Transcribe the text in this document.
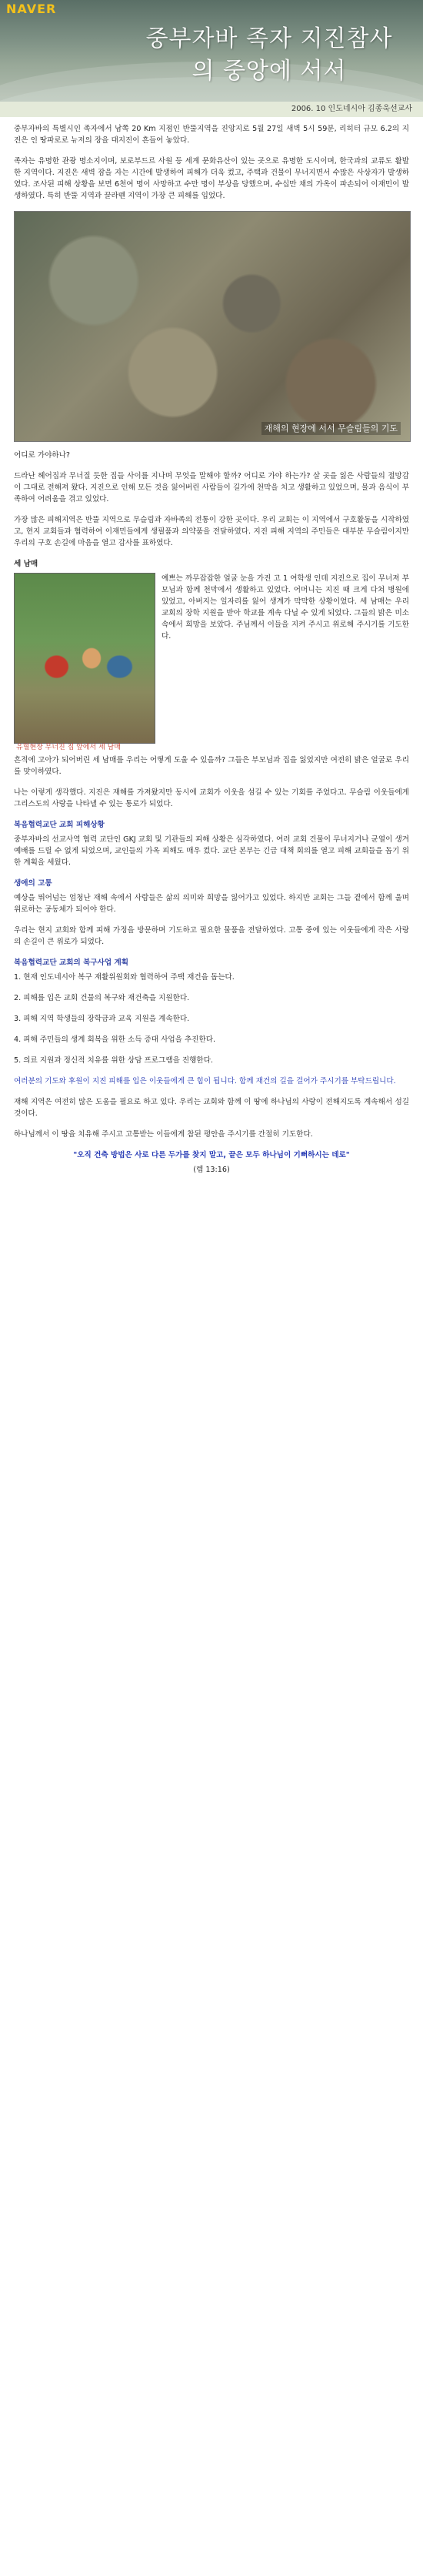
NAVER
중부자바 족자 지진참사의 중앙에 서서
2006. 10 인도네시아 김종욱선교사

중부자바의 특별시인 족자에서 남쪽 20 Km 지점인 반뚤지역을 진앙지로 5월 27일 새벽 5시 59분, 리히터 규모 6.2의 지진은 인 땅파로로 뉴저의 장을 대지진이 흔들어 놓았다.

족자는 유명한 관광 명소지이며, 보로부드르 사원 등 세계 문화유산이 있는 곳으로 유명한 도시이며, 한국과의 교류도 활발한 지역이다. 지진은 새벽 잠을 자는 시간에 발생하여 피해가 더욱 컸고, 주택과 건물이 무너지면서 수많은 사상자가 발생하였다. 조사된 피해 상황을 보면 6천여 명이 사망하고 수만 명이 부상을 당했으며, 수십만 채의 가옥이 파손되어 이재민이 발생하였다. 특히 반뚤 지역과 끌라뗀 지역이 가장 큰 피해를 입었다.

재해의 현장에 서서 무슬림들의 기도
어디로 가야하나?

드라난 헤어집과 무너질 듯한 집들 사이를 지나며 무엇을 말해야 할까? 어디로 가야 하는가? 살 곳을 잃은 사람들의 절망감이 그대로 전해져 왔다. 지진으로 인해 모든 것을 잃어버린 사람들이 길가에 천막을 치고 생활하고 있었으며, 물과 음식이 부족하여 어려움을 겪고 있었다.

가장 많은 피해지역은 반뚤 지역으로 무슬림과 자바족의 전통이 강한 곳이다. 우리 교회는 이 지역에서 구호활동을 시작하였고, 현지 교회들과 협력하여 이재민들에게 생필품과 의약품을 전달하였다. 지진 피해 지역의 주민들은 대부분 무슬림이지만 우리의 구호 손길에 마음을 열고 감사를 표하였다.

세 남매
유혈현장 무너진 집 앞에서 세 남매
예쁘는 까무잡잡한 얼굴 눈을 가진 고 1 여학생 인데 지진으로 집이 무너져 부모님과 함께 천막에서 생활하고 있었다. 어머니는 지진 때 크게 다쳐 병원에 있었고, 아버지는 일자리를 잃어 생계가 막막한 상황이었다. 세 남매는 우리 교회의 장학 지원을 받아 학교를 계속 다닐 수 있게 되었다. 그들의 밝은 미소 속에서 희망을 보았다. 주님께서 이들을 지켜 주시고 위로해 주시기를 기도한다.

흔적에 고아가 되어버린 세 남매를 우리는 어떻게 도울 수 있을까? 그들은 부모님과 집을 잃었지만 여전히 밝은 얼굴로 우리를 맞이하였다.

나는 이렇게 생각했다. 지진은 재해를 가져왔지만 동시에 교회가 이웃을 섬길 수 있는 기회를 주었다고. 무슬림 이웃들에게 그리스도의 사랑을 나타낼 수 있는 통로가 되었다.

복음협력교단 교회 피해상황

중부자바의 선교사역 협력 교단인 GKJ 교회 및 기관들의 피해 상황은 심각하였다. 여러 교회 건물이 무너지거나 균열이 생겨 예배를 드릴 수 없게 되었으며, 교인들의 가옥 피해도 매우 컸다. 교단 본부는 긴급 대책 회의를 열고 피해 교회들을 돕기 위한 계획을 세웠다.

생애의 고통

예상을 뛰어넘는 엄청난 재해 속에서 사람들은 삶의 의미와 희망을 잃어가고 있었다. 하지만 교회는 그들 곁에서 함께 울며 위로하는 공동체가 되어야 한다.

우리는 현지 교회와 함께 피해 가정을 방문하며 기도하고 필요한 물품을 전달하였다. 고통 중에 있는 이웃들에게 작은 사랑의 손길이 큰 위로가 되었다.

복음협력교단 교회의 복구사업 계획

1. 현재 인도네시아 복구 재활위원회와 협력하여 주택 재건을 돕는다.

2. 피해를 입은 교회 건물의 복구와 재건축을 지원한다.

3. 피해 지역 학생들의 장학금과 교육 지원을 계속한다.

4. 피해 주민들의 생계 회복을 위한 소득 증대 사업을 추진한다.

5. 의료 지원과 정신적 치유를 위한 상담 프로그램을 진행한다.

여러분의 기도와 후원이 지진 피해를 입은 이웃들에게 큰 힘이 됩니다. 함께 재건의 길을 걸어가 주시기를 부탁드립니다.

재해 지역은 여전히 많은 도움을 필요로 하고 있다. 우리는 교회와 함께 이 땅에 하나님의 사랑이 전해지도록 계속해서 섬길 것이다.

하나님께서 이 땅을 치유해 주시고 고통받는 이들에게 참된 평안을 주시기를 간절히 기도한다.

"오직 건축 방법은 사로 다른 두가를 찾지 말고, 끝은 모두 하나님이 기뻐하시는 데로"
(렘 13:16)
